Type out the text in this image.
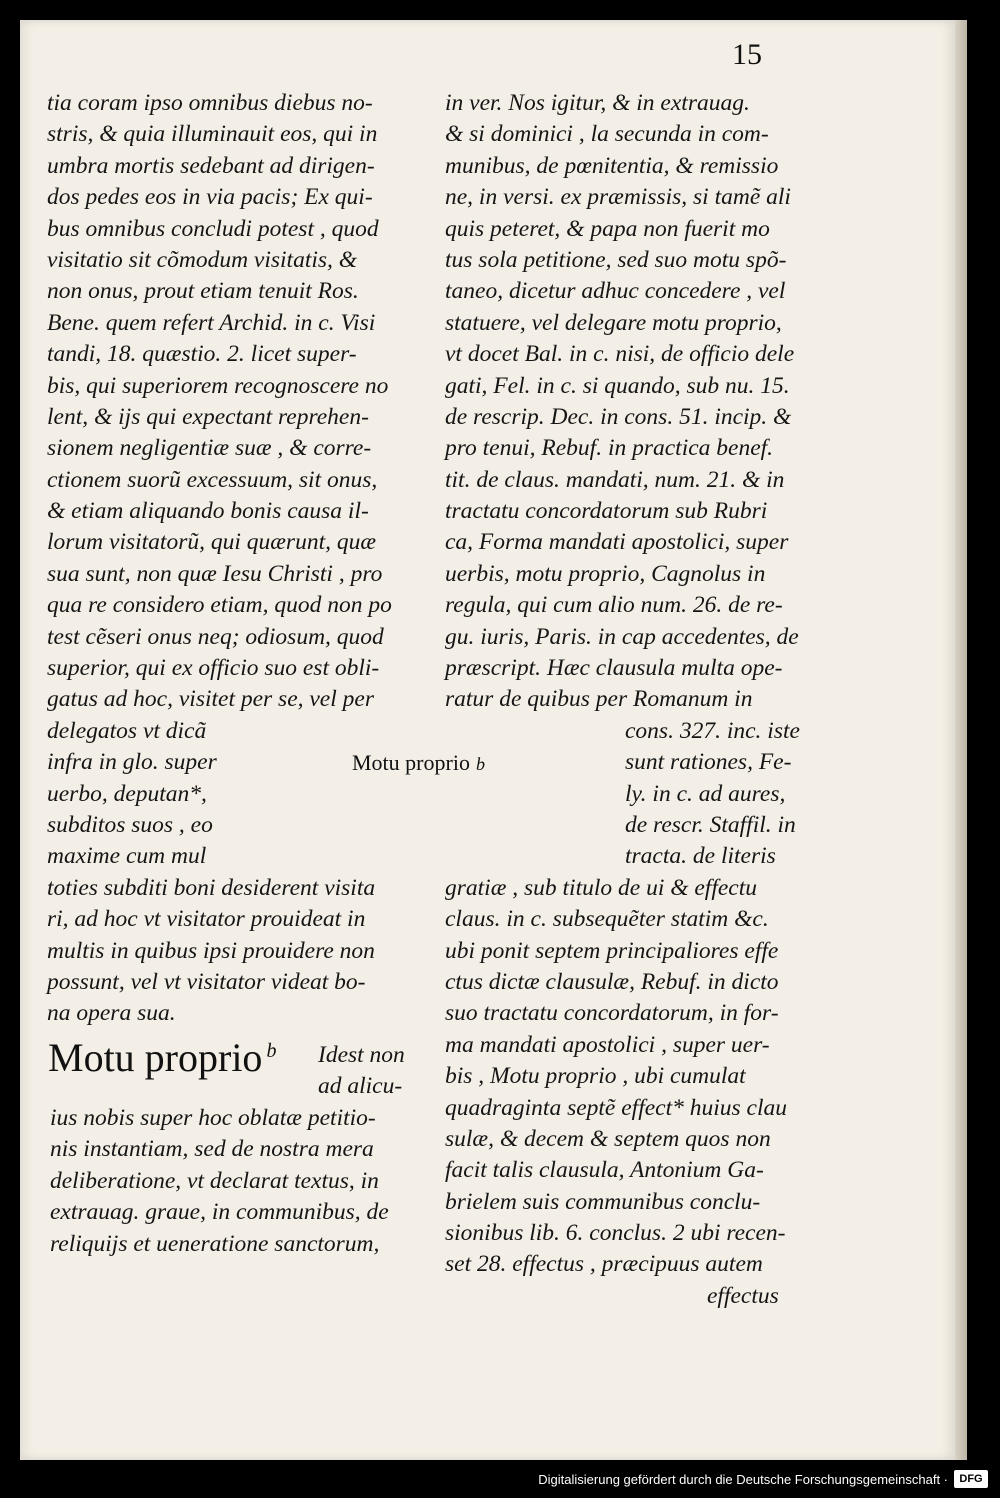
15
tia coram ipso omnibus diebus no-
stris, & quia illuminauit eos, qui in
umbra mortis sedebant ad dirigen-
dos pedes eos in via pacis; Ex qui-
bus omnibus concludi potest , quod
visitatio sit cõmodum visitatis, &
non onus, prout etiam tenuit Ros.
Bene. quem refert Archid. in c. Visi
tandi, 18. quæstio. 2. licet super-
bis, qui superiorem recognoscere no
lent, & ijs qui expectant reprehen-
sionem negligentiæ suæ , & corre-
ctionem suorũ excessuum, sit onus,
& etiam aliquando bonis causa il-
lorum visitatorũ, qui quærunt, quæ
sua sunt, non quæ Iesu Christi , pro
qua re considero etiam, quod non po
test cẽseri onus neq; odiosum, quod
superior, qui ex officio suo est obli-
gatus ad hoc, visitet per se, vel per
delegatos vt dicã
infra in glo. super
uerbo, deputan*,
subditos suos , eo
maxime cum mul
toties subditi boni desiderent visita
ri, ad hoc vt visitator prouideat in
multis in quibus ipsi prouidere non
possunt, vel vt visitator videat bo-
na opera sua.
Motu proprio b
Motu proprio $^b$ Idest non
ad alicu-
ius nobis super hoc oblatæ petitio-
nis instantiam, sed de nostra mera
deliberatione, vt declarat textus, in
extrauag. graue, in communibus, de
reliquijs et ueneratione sanctorum,
in ver. Nos igitur, & in extrauag.
& si dominici , la secunda in com-
munibus, de pœnitentia, & remissio
ne, in versi. ex præmissis, si tamẽ ali
quis peteret, & papa non fuerit mo
tus sola petitione, sed suo motu spõ-
taneo, dicetur adhuc concedere , vel
statuere, vel delegare motu proprio,
vt docet Bal. in c. nisi, de officio dele
gati, Fel. in c. si quando, sub nu. 15.
de rescrip. Dec. in cons. 51. incip. &
pro tenui, Rebuf. in practica benef.
tit. de claus. mandati, num. 21. & in
tractatu concordatorum sub Rubri
ca, Forma mandati apostolici, super
uerbis, motu proprio, Cagnolus in
regula, qui cum alio num. 26. de re-
gu. iuris, Paris. in cap accedentes, de
præscript. Hæc clausula multa ope-
ratur de quibus per Romanum in
cons. 327. inc. iste
sunt rationes, Fe-
ly. in c. ad aures,
de rescr. Staffil. in
tracta. de literis
gratiæ , sub titulo de ui & effectu
claus. in c. subsequẽter statim &c.
ubi ponit septem principaliores effe
ctus dictæ clausulæ, Rebuf. in dicto
suo tractatu concordatorum, in for-
ma mandati apostolici , super uer-
bis , Motu proprio , ubi cumulat
quadraginta septẽ effect* huius clau
sulæ, & decem & septem quos non
facit talis clausula, Antonium Ga-
brielem suis communibus conclu-
sionibus lib. 6. conclus. 2 ubi recen-
set 28. effectus , præcipuus autem
effectus
Digitalisierung gefördert durch die Deutsche Forschungsgemeinschaft ·	DFG
